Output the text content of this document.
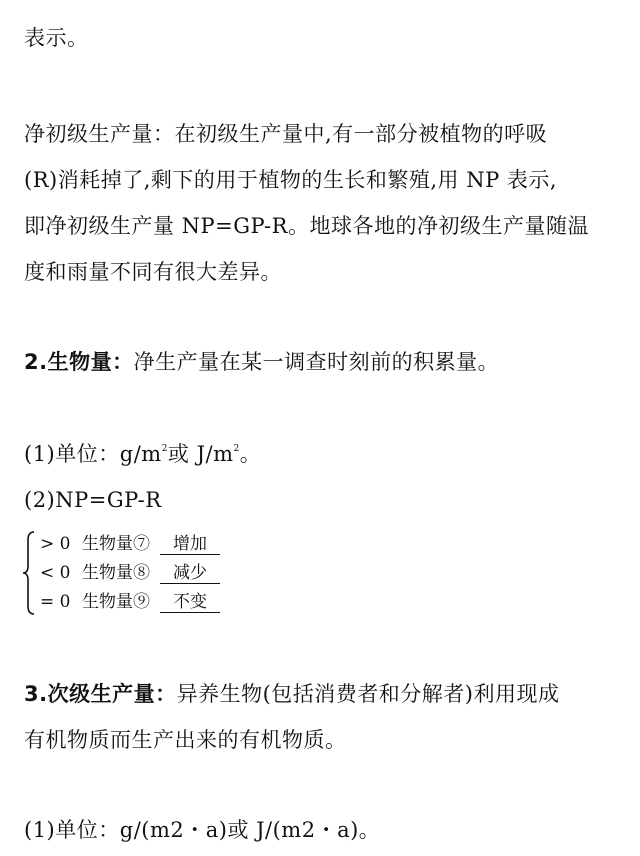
表示。
净初级生产量：在初级生产量中,有一部分被植物的呼吸
(R)消耗掉了,剩下的用于植物的生长和繁殖,用 NP 表示,
即净初级生产量 NP=GP-R。地球各地的净初级生产量随温
度和雨量不同有很大差异。
2.生物量：净生产量在某一调查时刻前的积累量。
(1)单位：$g/m^2$或 $J/m^2$。
(2)NP=GP-R
> 0 生物量⑦ 增加
< 0 生物量⑧ 减少
= 0 生物量⑨ 不变
3.次级生产量：异养生物(包括消费者和分解者)利用现成
有机物质而生产出来的有机物质。
(1)单位：g/(m2・a)或 J/(m2・a)。
